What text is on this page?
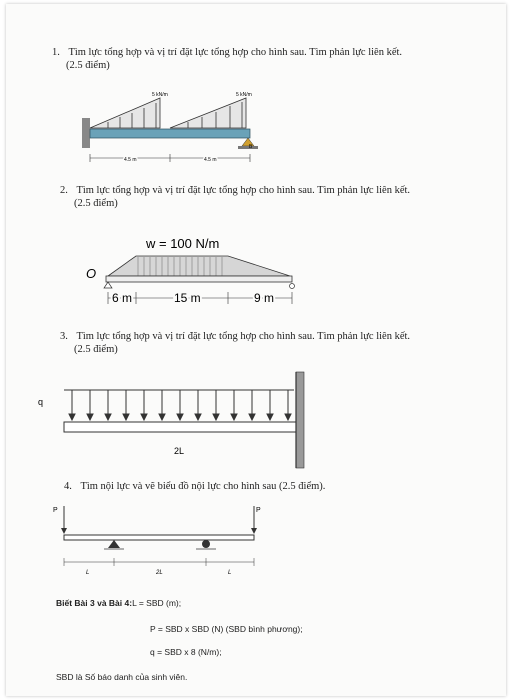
1. Tìm lực tổng hợp và vị trí đặt lực tổng hợp cho hình sau. Tìm phản lực liên kết.
(2.5 điểm)
5 kN/m	5 kN/m
B
4.5 m	4.5 m
2. Tìm lực tổng hợp và vị trí đặt lực tổng hợp cho hình sau. Tìm phản lực liên kết.
(2.5 điểm)
w = 100 N/m
O
6 m	15 m	9 m
3. Tìm lực tổng hợp và vị trí đặt lực tổng hợp cho hình sau. Tìm phản lực liên kết.
(2.5 điểm)
q
2L
4. Tìm nội lực và vẽ biểu đồ nội lực cho hình sau (2.5 điểm).
P	P
L	2L	L
Biết Bài 3 và Bài 4:L = SBD (m);
P = SBD x SBD (N) (SBD bình phương);
q = SBD x 8 (N/m);
SBD là Số báo danh của sinh viên.
